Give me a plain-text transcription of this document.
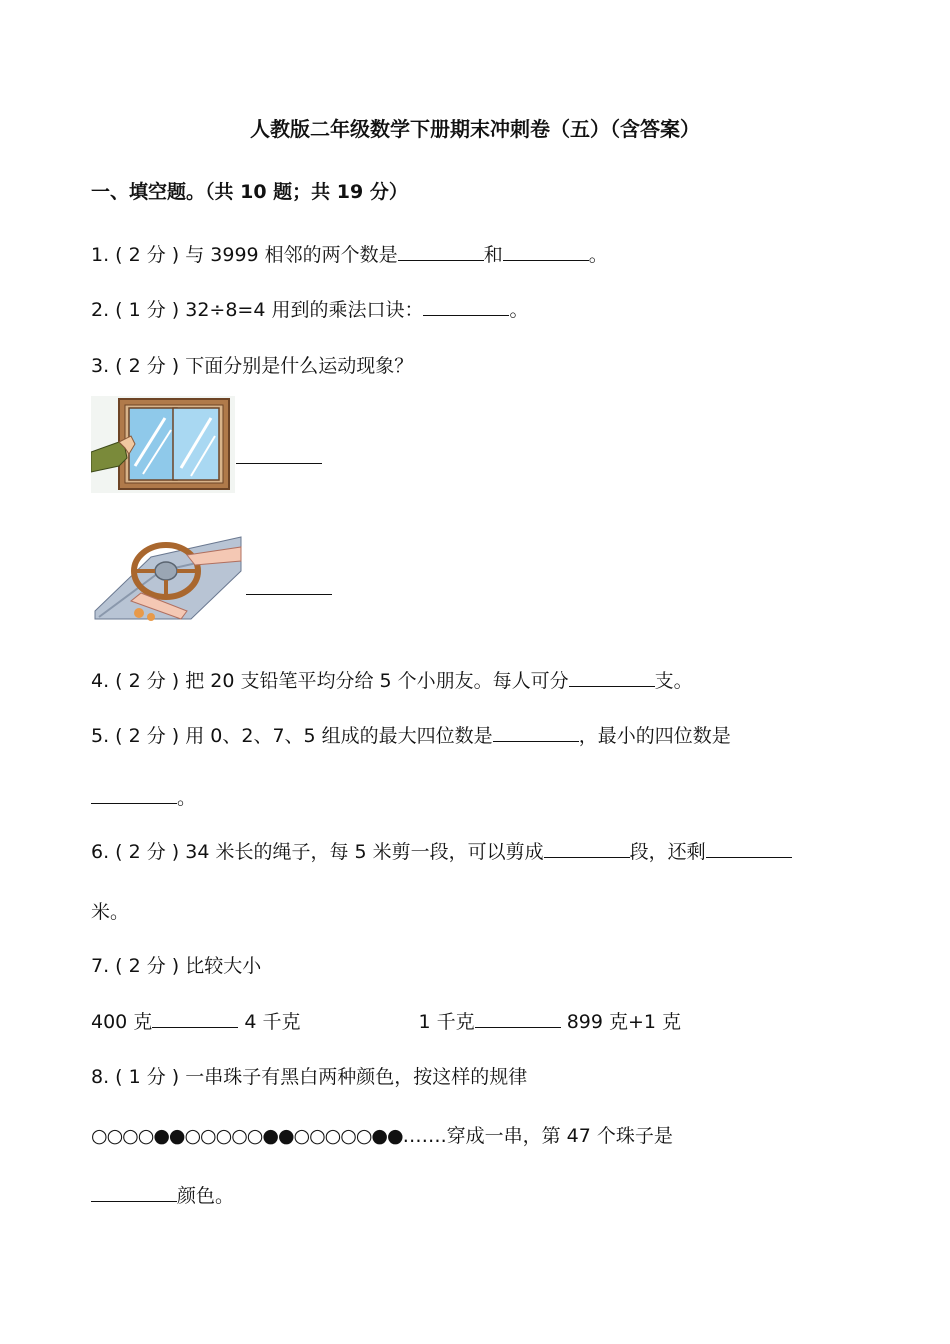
人教版二年级数学下册期末冲刺卷（五）（含答案）
一、填空题。（共 10 题；共 19 分）
1. ( 2 分 ) 与 3999 相邻的两个数是	和	。
2. ( 1 分 ) 32÷8=4 用到的乘法口诀：	。
3. ( 2 分 ) 下面分别是什么运动现象？
4. ( 2 分 ) 把 20 支铅笔平均分给 5 个小朋友。每人可分	支。
5. ( 2 分 ) 用 0、2、7、5 组成的最大四位数是	，最小的四位数是
。
6. ( 2 分 ) 34 米长的绳子，每 5 米剪一段，可以剪成	段，还剩
米。
7. ( 2 分 ) 比较大小
400 克	4 千克	1 千克	899 克+1 克
8. ( 1 分 ) 一串珠子有黑白两种颜色，按这样的规律
○○○○●●○○○○○●●○○○○○●●…….穿成一串，第 47 个珠子是
颜色。
